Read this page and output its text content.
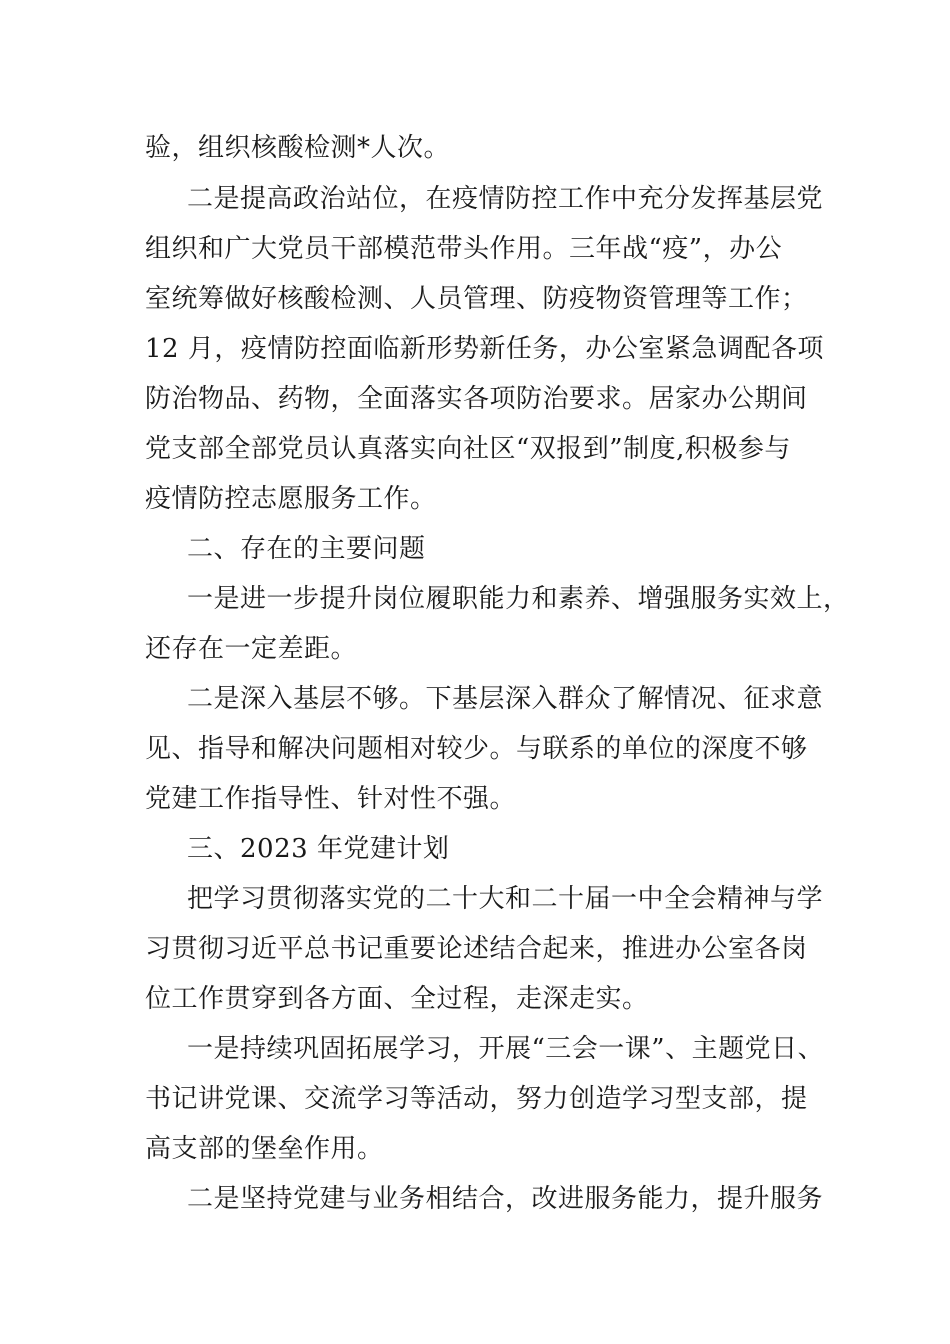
验，组织核酸检测*人次。

二是提高政治站位，在疫情防控工作中充分发挥基层党

组织和广大党员干部模范带头作用。三年战“疫”，办公

室统筹做好核酸检测、人员管理、防疫物资管理等工作；

12 月，疫情防控面临新形势新任务，办公室紧急调配各项

防治物品、药物，全面落实各项防治要求。居家办公期间

党支部全部党员认真落实向社区“双报到”制度,积极参与

疫情防控志愿服务工作。

二、存在的主要问题

一是进一步提升岗位履职能力和素养、增强服务实效上，

还存在一定差距。

二是深入基层不够。下基层深入群众了解情况、征求意

见、指导和解决问题相对较少。与联系的单位的深度不够

党建工作指导性、针对性不强。

三、2023 年党建计划

把学习贯彻落实党的二十大和二十届一中全会精神与学

习贯彻习近平总书记重要论述结合起来，推进办公室各岗

位工作贯穿到各方面、全过程，走深走实。

一是持续巩固拓展学习，开展“三会一课”、主题党日、

书记讲党课、交流学习等活动，努力创造学习型支部，提

高支部的堡垒作用。

二是坚持党建与业务相结合，改进服务能力，提升服务
